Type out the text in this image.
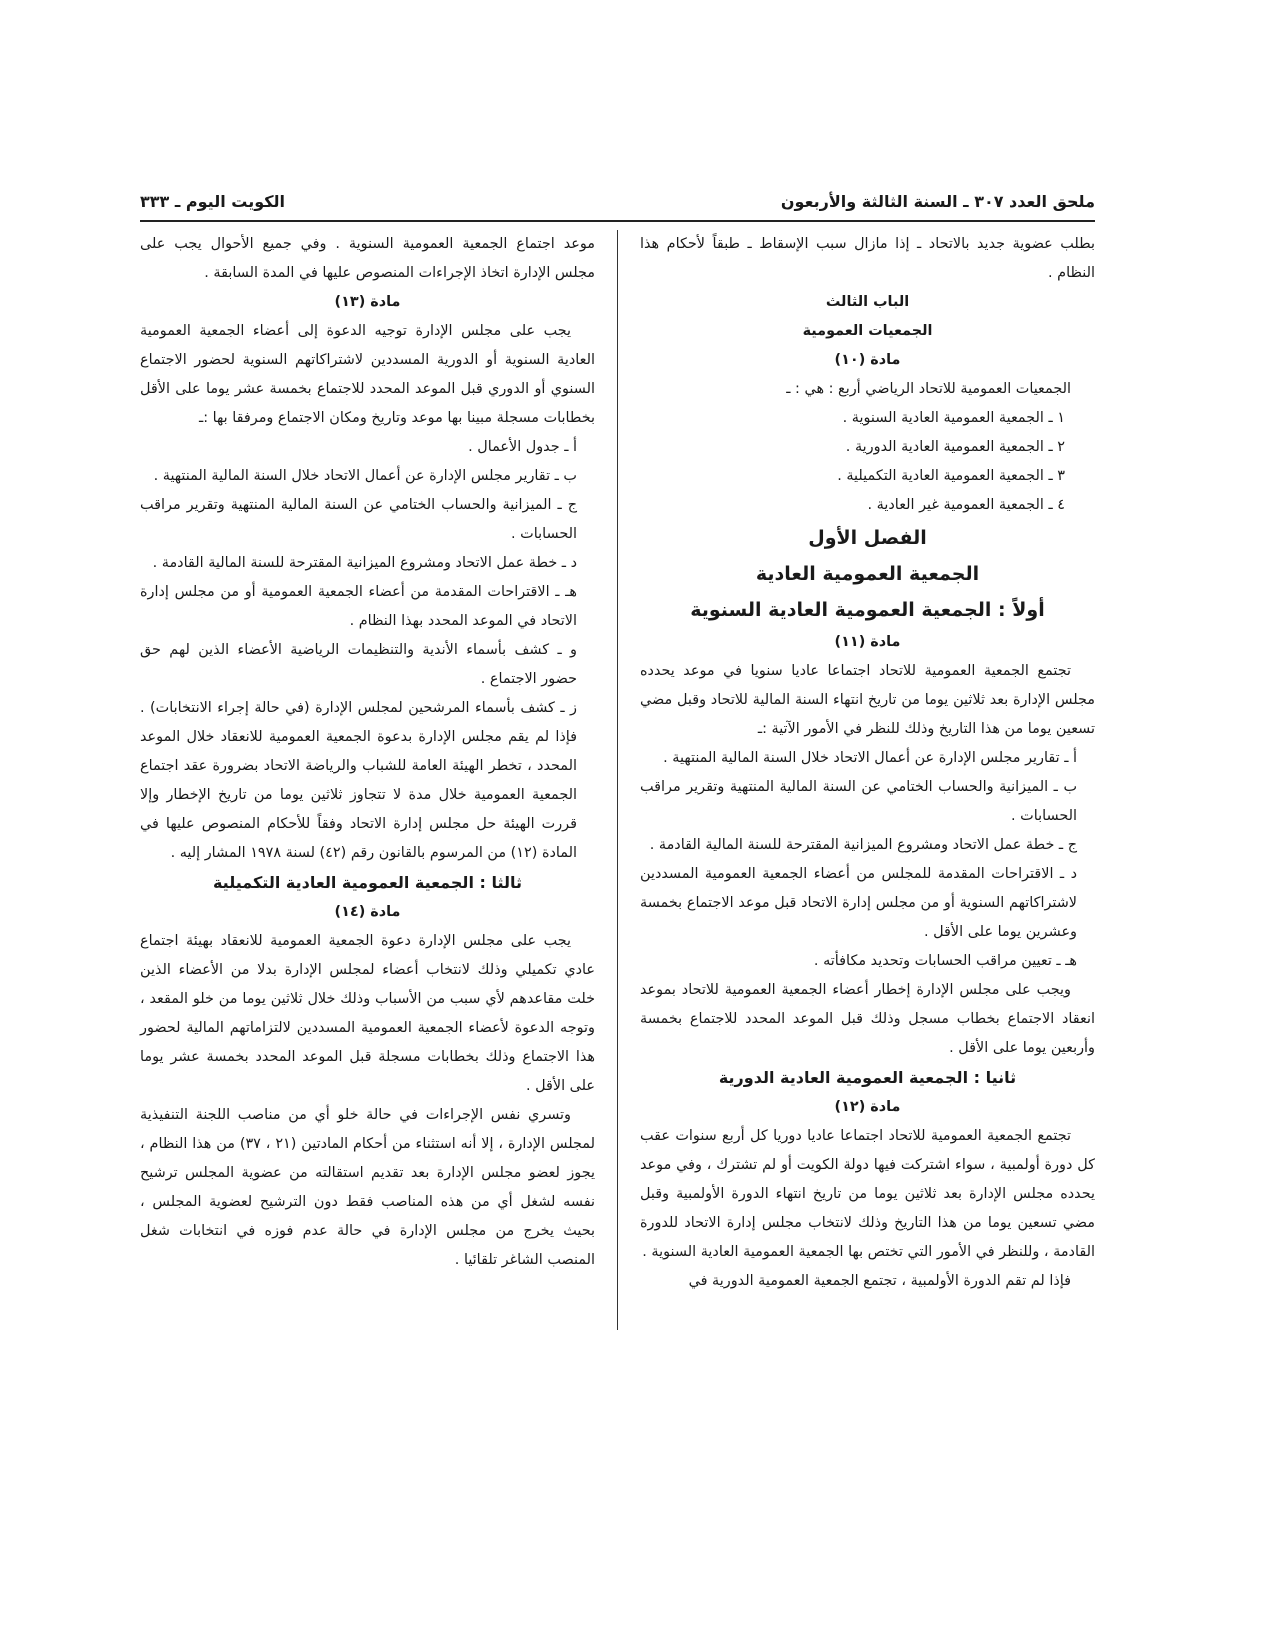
ملحق العدد ٣٠٧ ـ السنة الثالثة والأربعون
الكويت اليوم ـ ٣٣٣

بطلب عضوية جديد بالاتحاد ـ إذا مازال سبب الإسقاط ـ طبقاً لأحكام هذا النظام .

الباب الثالث

الجمعيات العمومية

مادة (١٠)

الجمعيات العمومية للاتحاد الرياضي أربع : هي : ـ

١ ـ الجمعية العمومية العادية السنوية .

٢ ـ الجمعية العمومية العادية الدورية .

٣ ـ الجمعية العمومية العادية التكميلية .

٤ ـ الجمعية العمومية غير العادية .

الفصل الأول

الجمعية العمومية العادية

أولاً : الجمعية العمومية العادية السنوية

مادة (١١)

تجتمع الجمعية العمومية للاتحاد اجتماعا عاديا سنويا في موعد يحدده مجلس الإدارة بعد ثلاثين يوما من تاريخ انتهاء السنة المالية للاتحاد وقبل مضي تسعين يوما من هذا التاريخ وذلك للنظر في الأمور الآتية :ـ

أ ـ تقارير مجلس الإدارة عن أعمال الاتحاد خلال السنة المالية المنتهية .

ب ـ الميزانية والحساب الختامي عن السنة المالية المنتهية وتقرير مراقب الحسابات .

ج ـ خطة عمل الاتحاد ومشروع الميزانية المقترحة للسنة المالية القادمة .

د ـ الاقتراحات المقدمة للمجلس من أعضاء الجمعية العمومية المسددين لاشتراكاتهم السنوية أو من مجلس إدارة الاتحاد قبل موعد الاجتماع بخمسة وعشرين يوما على الأقل .

هـ ـ تعيين مراقب الحسابات وتحديد مكافأته .

ويجب على مجلس الإدارة إخطار أعضاء الجمعية العمومية للاتحاد بموعد انعقاد الاجتماع بخطاب مسجل وذلك قبل الموعد المحدد للاجتماع بخمسة وأربعين يوما على الأقل .

ثانيا : الجمعية العمومية العادية الدورية

مادة (١٢)

تجتمع الجمعية العمومية للاتحاد اجتماعا عاديا دوريا كل أربع سنوات عقب كل دورة أولمبية ، سواء اشتركت فيها دولة الكويت أو لم تشترك ، وفي موعد يحدده مجلس الإدارة بعد ثلاثين يوما من تاريخ انتهاء الدورة الأولمبية وقبل مضي تسعين يوما من هذا التاريخ وذلك لانتخاب مجلس إدارة الاتحاد للدورة القادمة ، وللنظر في الأمور التي تختص بها الجمعية العمومية العادية السنوية .

فإذا لم تقم الدورة الأولمبية ، تجتمع الجمعية العمومية الدورية في

موعد اجتماع الجمعية العمومية السنوية . وفي جميع الأحوال يجب على مجلس الإدارة اتخاذ الإجراءات المنصوص عليها في المدة السابقة .

مادة (١٣)

يجب على مجلس الإدارة توجيه الدعوة إلى أعضاء الجمعية العمومية العادية السنوية أو الدورية المسددين لاشتراكاتهم السنوية لحضور الاجتماع السنوي أو الدوري قبل الموعد المحدد للاجتماع بخمسة عشر يوما على الأقل بخطابات مسجلة مبينا بها موعد وتاريخ ومكان الاجتماع ومرفقا بها :ـ

أ ـ جدول الأعمال .

ب ـ تقارير مجلس الإدارة عن أعمال الاتحاد خلال السنة المالية المنتهية .

ج ـ الميزانية والحساب الختامي عن السنة المالية المنتهية وتقرير مراقب الحسابات .

د ـ خطة عمل الاتحاد ومشروع الميزانية المقترحة للسنة المالية القادمة .

هـ ـ الاقتراحات المقدمة من أعضاء الجمعية العمومية أو من مجلس إدارة الاتحاد في الموعد المحدد بهذا النظام .

و ـ كشف بأسماء الأندية والتنظيمات الرياضية الأعضاء الذين لهم حق حضور الاجتماع .

ز ـ كشف بأسماء المرشحين لمجلس الإدارة (في حالة إجراء الانتخابات) . فإذا لم يقم مجلس الإدارة بدعوة الجمعية العمومية للانعقاد خلال الموعد المحدد ، تخطر الهيئة العامة للشباب والرياضة الاتحاد بضرورة عقد اجتماع الجمعية العمومية خلال مدة لا تتجاوز ثلاثين يوما من تاريخ الإخطار وإلا قررت الهيئة حل مجلس إدارة الاتحاد وفقاً للأحكام المنصوص عليها في المادة (١٢) من المرسوم بالقانون رقم (٤٢) لسنة ١٩٧٨ المشار إليه .

ثالثا : الجمعية العمومية العادية التكميلية

مادة (١٤)

يجب على مجلس الإدارة دعوة الجمعية العمومية للانعقاد بهيئة اجتماع عادي تكميلي وذلك لانتخاب أعضاء لمجلس الإدارة بدلا من الأعضاء الذين خلت مقاعدهم لأي سبب من الأسباب وذلك خلال ثلاثين يوما من خلو المقعد ، وتوجه الدعوة لأعضاء الجمعية العمومية المسددين لالتزاماتهم المالية لحضور هذا الاجتماع وذلك بخطابات مسجلة قبل الموعد المحدد بخمسة عشر يوما على الأقل .

وتسري نفس الإجراءات في حالة خلو أي من مناصب اللجنة التنفيذية لمجلس الإدارة ، إلا أنه استثناء من أحكام المادتين (٢١ ، ٣٧) من هذا النظام ، يجوز لعضو مجلس الإدارة بعد تقديم استقالته من عضوية المجلس ترشيح نفسه لشغل أي من هذه المناصب فقط دون الترشيح لعضوية المجلس ، بحيث يخرج من مجلس الإدارة في حالة عدم فوزه في انتخابات شغل المنصب الشاغر تلقائيا .
